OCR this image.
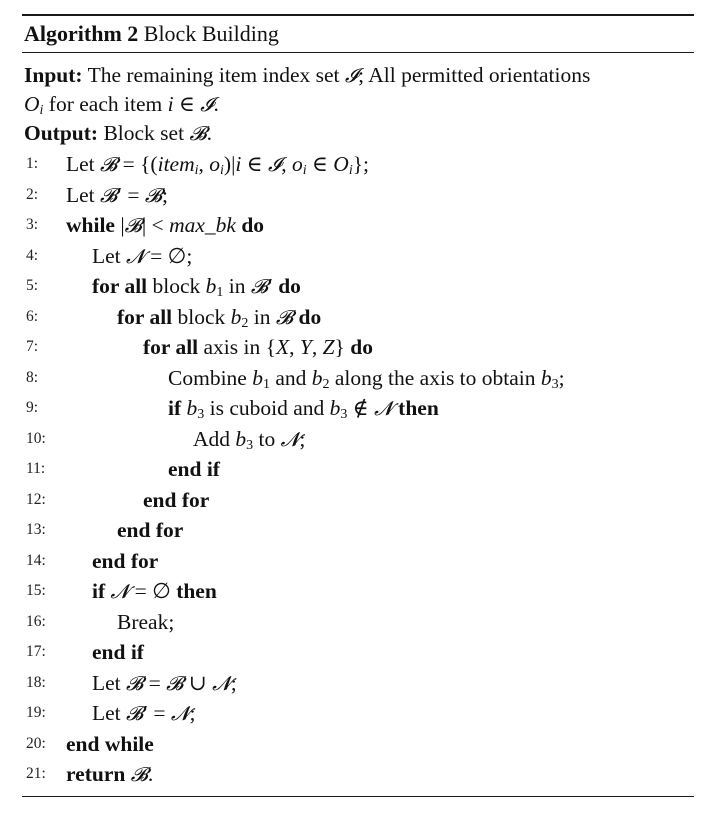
Algorithm 2 Block Building
Input: The remaining item index set 𝓘; All permitted orientations
$O_i$ for each item i ∈ 𝓘.
Output: Block set 𝓑.
1:	Let 𝓑 = {(item$_i$, $o_i)|i$ ∈ 𝓘, $o_i$ ∈ $O_i$};
2:	Let 𝓑′ = 𝓑;
3:	while |𝓑| < max_bk do
4:	Let 𝓝 = ∅;
5:	for all block $b_1$ in 𝓑′ do
6:	for all block $b_2$ in 𝓑 do
7:	for all axis in {X, Y, Z} do
8:	Combine $b_1$ and $b_2$ along the axis to obtain $b_3$;
9:	if $b_3$ is cuboid and $b_3$ ∉ 𝓝 then
10:	Add $b_3$ to 𝓝;
11:	end if
12:	end for
13:	end for
14:	end for
15:	if 𝓝 = ∅ then
16:	Break;
17:	end if
18:	Let 𝓑 = 𝓑 ∪ 𝓝;
19:	Let 𝓑′ = 𝓝;
20: end while
21: return 𝓑.
